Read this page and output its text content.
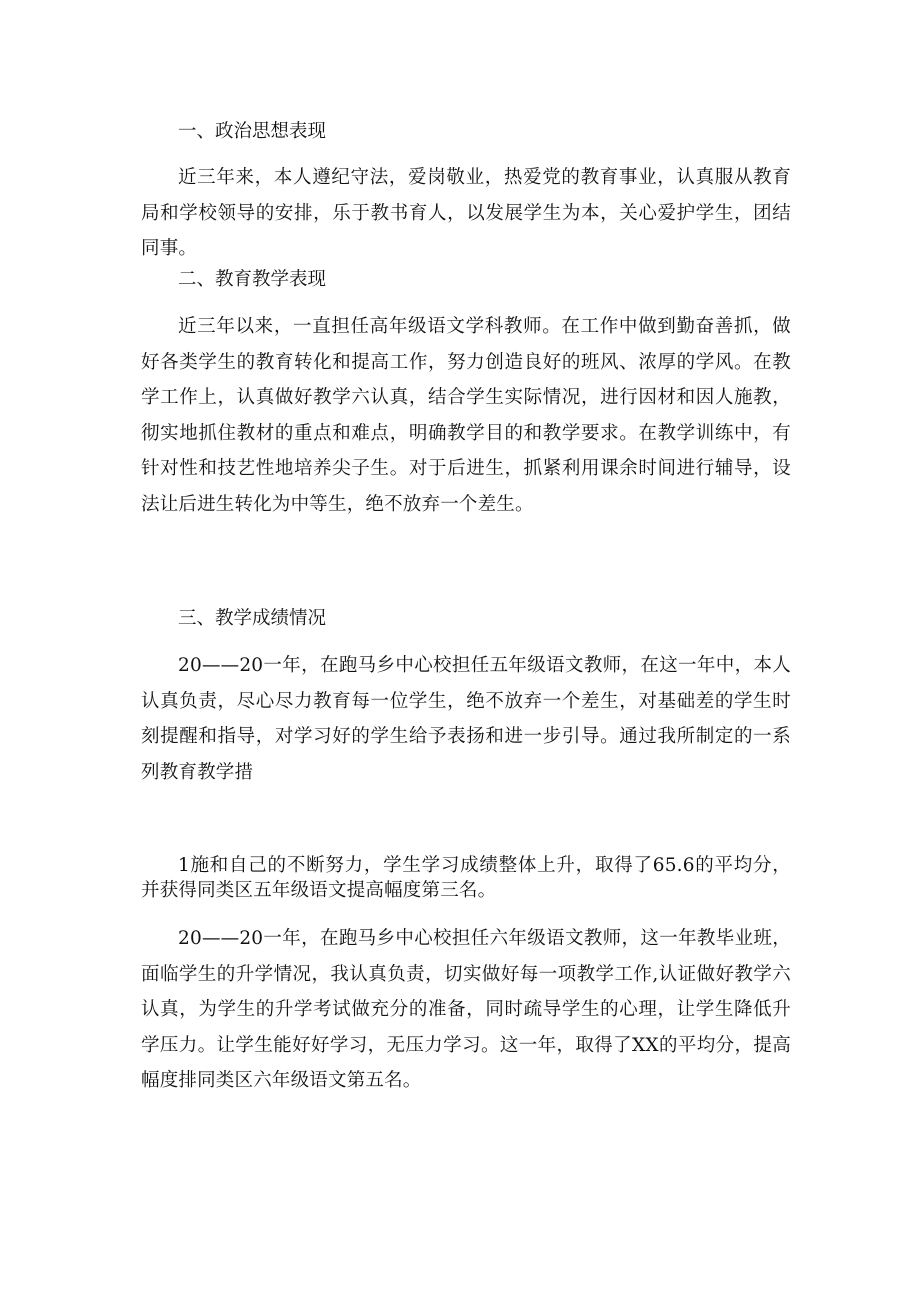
一、政治思想表现

近三年来，本人遵纪守法，爱岗敬业，热爱党的教育事业，认真服从教育局和学校领导的安排，乐于教书育人，以发展学生为本，关心爱护学生，团结同事。

二、教育教学表现

近三年以来，一直担任高年级语文学科教师。在工作中做到勤奋善抓，做好各类学生的教育转化和提高工作，努力创造良好的班风、浓厚的学风。在教学工作上，认真做好教学六认真，结合学生实际情况，进行因材和因人施教，彻实地抓住教材的重点和难点，明确教学目的和教学要求。在教学训练中，有针对性和技艺性地培养尖子生。对于后进生，抓紧利用课余时间进行辅导，设法让后进生转化为中等生，绝不放弃一个差生。

三、教学成绩情况

20——20一年，在跑马乡中心校担任五年级语文教师，在这一年中，本人认真负责，尽心尽力教育每一位学生，绝不放弃一个差生，对基础差的学生时刻提醒和指导，对学习好的学生给予表扬和进一步引导。通过我所制定的一系列教育教学措

1施和自己的不断努力，学生学习成绩整体上升，取得了65.6的平均分，并获得同类区五年级语文提高幅度第三名。

20——20一年，在跑马乡中心校担任六年级语文教师，这一年教毕业班，面临学生的升学情况，我认真负责，切实做好每一项教学工作,认证做好教学六认真，为学生的升学考试做充分的准备，同时疏导学生的心理，让学生降低升学压力。让学生能好好学习，无压力学习。这一年，取得了XX的平均分，提高幅度排同类区六年级语文第五名。
